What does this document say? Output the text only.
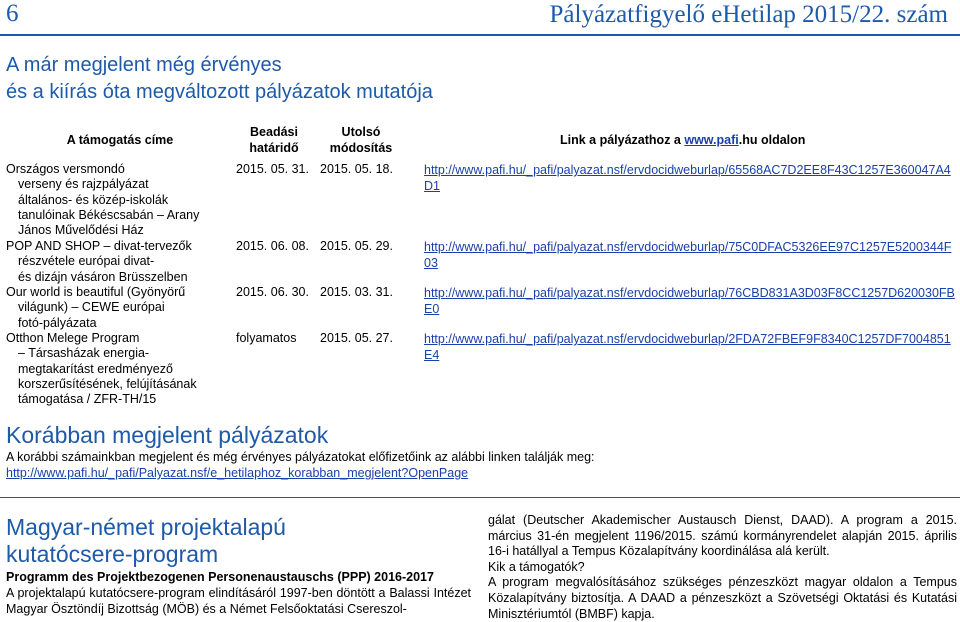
6	Pályázatfigyelő eHetilap 2015/22. szám
A már megjelent még érvényes
és a kiírás óta megváltozott pályázatok mutatója
A támogatás címe
Beadási
határidő
Utolsó
módosítás
Link a pályázathoz a www.pafi.hu oldalon
Országos versmondó
verseny és rajzpályázat
általános- és közép-iskolák
tanulóinak Békéscsabán – Arany
János Művelődési Ház
2015. 05. 31. 2015. 05. 18. http://www.pafi.hu/_pafi/palyazat.nsf/ervdocidweburlap/65568AC7D2EE8F43C1257E360047A4D1
POP AND SHOP – divat-tervezők
részvétele európai divat-
és dizájn vásáron Brüsszelben
2015. 06. 08. 2015. 05. 29. http://www.pafi.hu/_pafi/palyazat.nsf/ervdocidweburlap/75C0DFAC5326EE97C1257E5200344F03
Our world is beautiful (Gyönyörű
világunk) – CEWE európai
fotó-pályázata
2015. 06. 30. 2015. 03. 31. http://www.pafi.hu/_pafi/palyazat.nsf/ervdocidweburlap/76CBD831A3D03F8CC1257D620030FBE0
Otthon Melege Program
– Társasházak energia-
megtakarítást eredményező
korszerűsítésének, felújításának
támogatása / ZFR-TH/15
folyamatos 2015. 05. 27. http://www.pafi.hu/_pafi/palyazat.nsf/ervdocidweburlap/2FDA72FBEF9F8340C1257DF7004851E4
Korábban megjelent pályázatok
A korábbi számainkban megjelent és még érvényes pályázatokat előfizetőink az alábbi linken találják meg:
http://www.pafi.hu/_pafi/Palyazat.nsf/e_hetilaphoz_korabban_megjelent?OpenPage
Magyar-német projektalapú
kutatócsere-program
Programm des Projektbezogenen Personenaustauschs (PPP) 2016-2017
A projektalapú kutatócsere-program elindításáról 1997-ben döntött a Balassi Intézet Magyar Ösztöndíj Bizottság (MÖB) és a Német Felsőoktatási Csereszol-

gálat (Deutscher Akademischer Austausch Dienst, DAAD). A program a 2015. március 31-én megjelent 1196/2015. számú kormányrendelet alapján 2015. április 16-i hatállyal a Tempus Közalapítvány koordinálása alá került.

Kik a támogatók?

A program megvalósításához szükséges pénzeszközt magyar oldalon a Tempus Közalapítvány biztosítja. A DAAD a pénzeszközt a Szövetségi Oktatási és Kutatási Minisztériumtól (BMBF) kapja.
